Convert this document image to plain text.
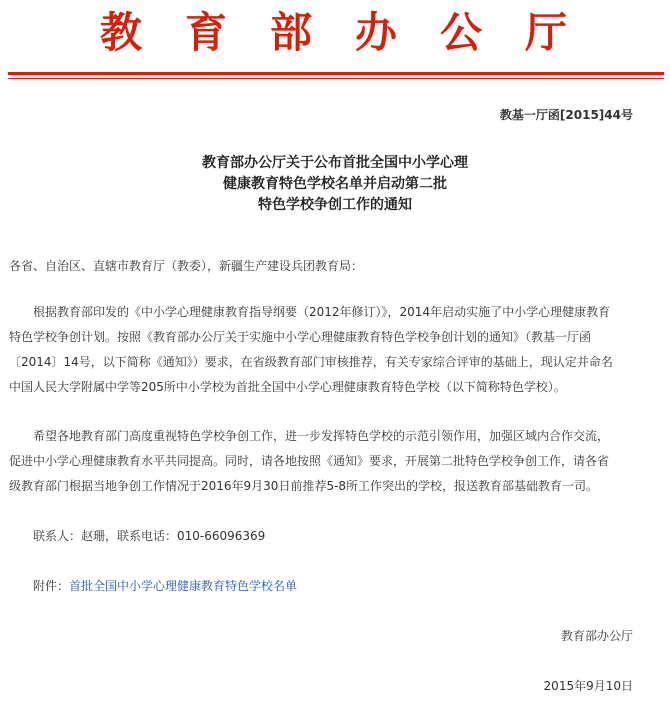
教 育 部 办 公 厅
教基一厅函[2015]44号
教育部办公厅关于公布首批全国中小学心理
健康教育特色学校名单并启动第二批
特色学校争创工作的通知
各省、自治区、直辖市教育厅（教委），新疆生产建设兵团教育局：
　　根据教育部印发的《中小学心理健康教育指导纲要（2012年修订）》，2014年启动实施了中小学心理健康教育
特色学校争创计划。按照《教育部办公厅关于实施中小学心理健康教育特色学校争创计划的通知》（教基一厅函
〔2014〕14号，以下简称《通知》）要求，在省级教育部门审核推荐，有关专家综合评审的基础上，现认定并命名
中国人民大学附属中学等205所中小学校为首批全国中小学心理健康教育特色学校（以下简称特色学校）。
　　希望各地教育部门高度重视特色学校争创工作，进一步发挥特色学校的示范引领作用，加强区域内合作交流，
促进中小学心理健康教育水平共同提高。同时，请各地按照《通知》要求，开展第二批特色学校争创工作，请各省
级教育部门根据当地争创工作情况于2016年9月30日前推荐5-8所工作突出的学校，报送教育部基础教育一司。
联系人：赵珊，联系电话：010-66096369
附件：首批全国中小学心理健康教育特色学校名单
教育部办公厅
2015年9月10日
